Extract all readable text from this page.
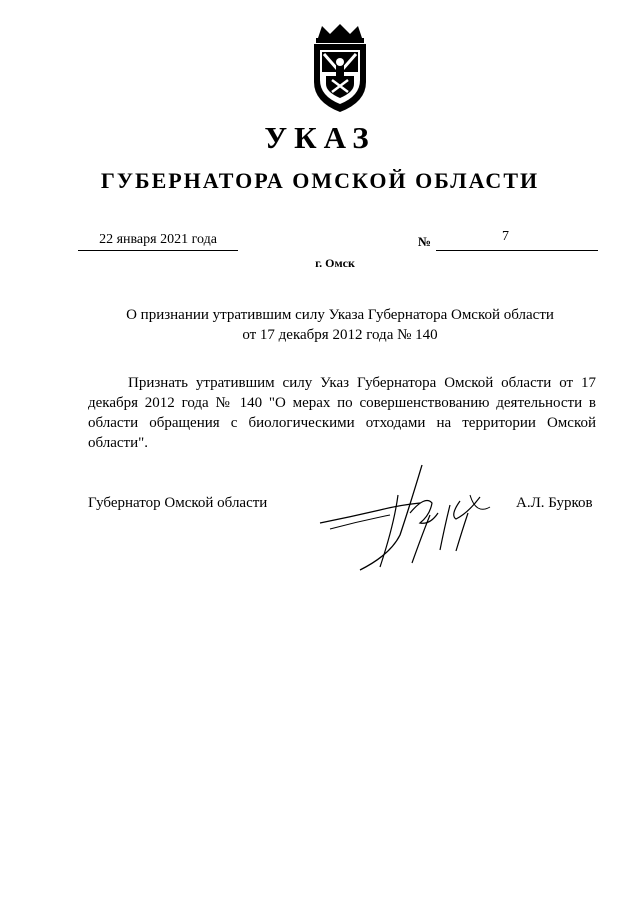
УКАЗ
ГУБЕРНАТОРА ОМСКОЙ ОБЛАСТИ
22 января 2021 года	№	7
г. Омск
О признании утратившим силу Указа Губернатора Омской области
от 17 декабря 2012 года № 140
Признать утратившим силу Указ Губернатора Омской области от 17 декабря 2012 года № 140 "О мерах по совершенствованию деятельности в области обращения с биологическими отходами на территории Омской области".
Губернатор Омской области	А.Л. Бурков
